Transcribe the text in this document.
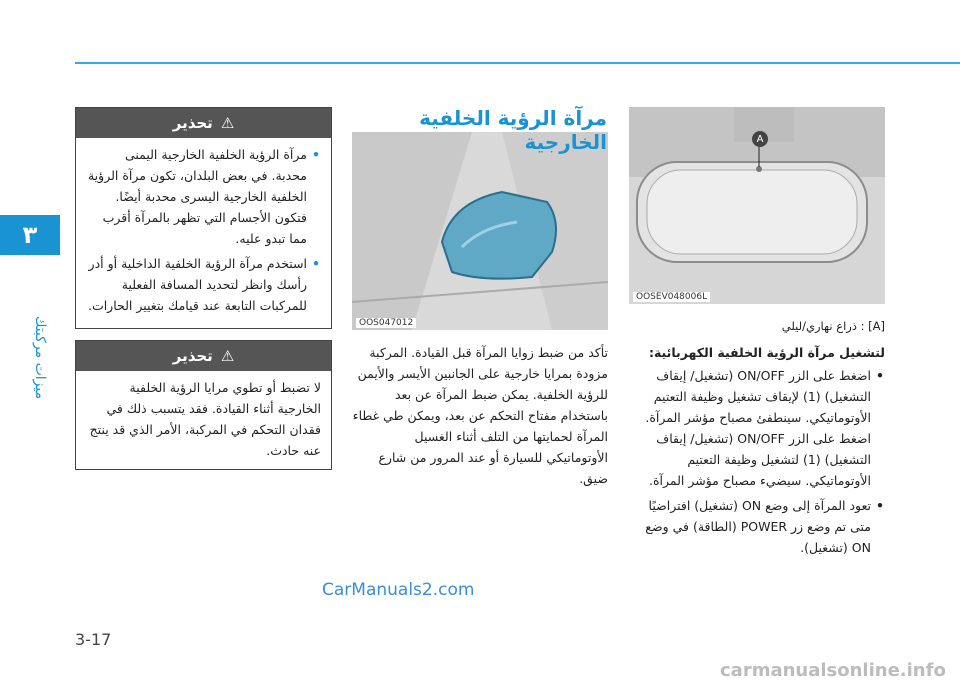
٣
ميزات مركبتك
A
OOSEV048006L
OOS047012
مرآة الرؤية الخلفية الخارجية
[A] : ذراع نهاري/ليلي
لتشغيل مرآة الرؤية الخلفية الكهربائية:
• اضغط على الزر ON/OFF (تشغيل/ إيقاف التشغيل) (1) لإيقاف تشغيل وظيفة التعتيم الأوتوماتيكي. سينطفئ مصباح مؤشر المرآة. اضغط على الزر ON/OFF (تشغيل/ إيقاف التشغيل) (1) لتشغيل وظيفة التعتيم الأوتوماتيكي. سيضيء مصباح مؤشر المرآة.
• تعود المرآة إلى وضع ON (تشغيل) افتراضيًا متى تم وضع زر POWER (الطاقة) في وضع ON (تشغيل).
تأكد من ضبط زوايا المرآة قبل القيادة. المركبة مزودة بمرايا خارجية على الجانبين الأيسر والأيمن للرؤية الخلفية. يمكن ضبط المرآة عن بعد باستخدام مفتاح التحكم عن بعد، ويمكن طي غطاء المرآة لحمايتها من التلف أثناء الغسيل الأوتوماتيكي للسيارة أو عند المرور من شارع ضيق.
⚠
تحذير
• مرآة الرؤية الخلفية الخارجية اليمنى محدبة. في بعض البلدان، تكون مرآة الرؤية الخلفية الخارجية اليسرى محدبة أيضًا. فتكون الأجسام التي تظهر بالمرآة أقرب مما تبدو عليه.
• استخدم مرآة الرؤية الخلفية الداخلية أو أدر رأسك وانظر لتحديد المسافة الفعلية للمركبات التابعة عند قيامك بتغيير الحارات.
⚠
تحذير
لا تضبط أو تطوي مرايا الرؤية الخلفية الخارجية أثناء القيادة. فقد يتسبب ذلك في فقدان التحكم في المركبة، الأمر الذي قد ينتج عنه حادث.
CarManuals2.com
3-17
carmanualsonline.info
